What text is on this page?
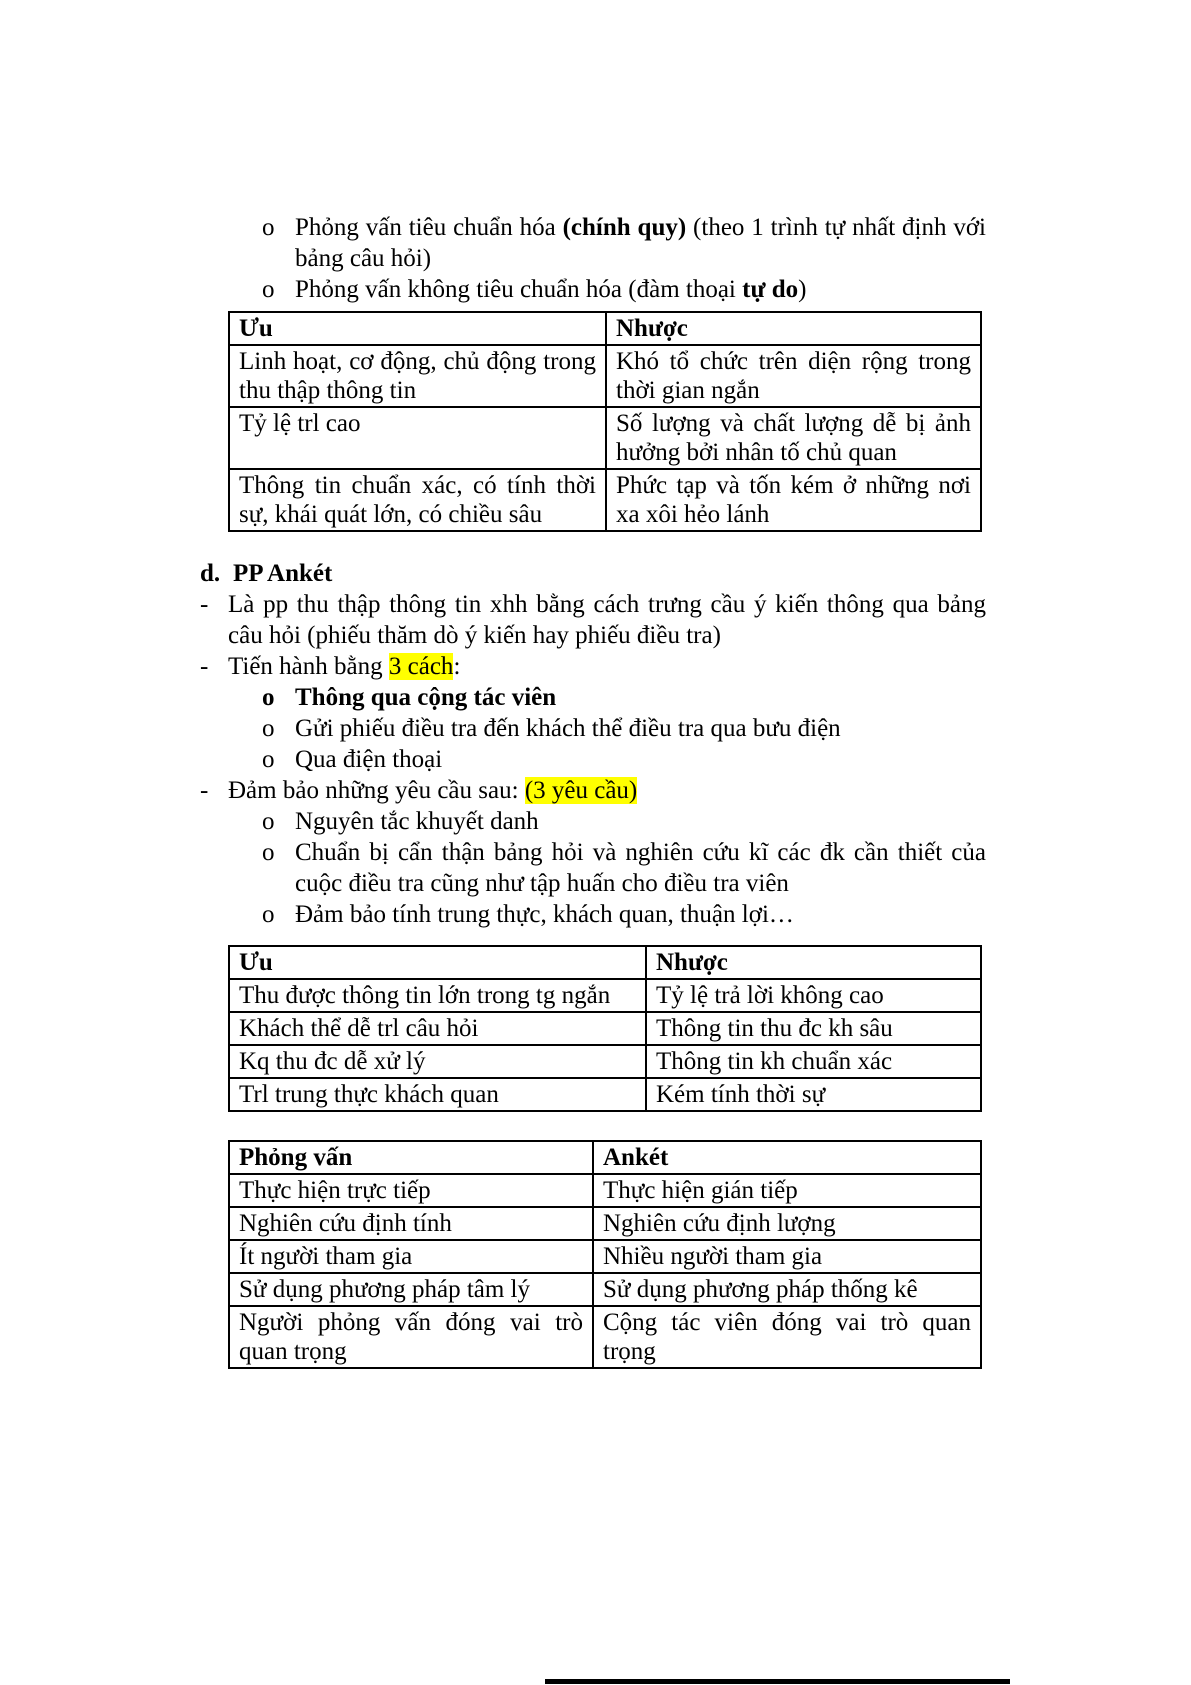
o Phỏng vấn tiêu chuẩn hóa (chính quy) (theo 1 trình tự nhất định với bảng câu hỏi)
o Phỏng vấn không tiêu chuẩn hóa (đàm thoại tự do)
Ưu	Nhược
Linh hoạt, cơ động, chủ động trong thu thập thông tin	Khó tổ chức trên diện rộng trong thời gian ngắn
Tỷ lệ trl cao	Số lượng và chất lượng dễ bị ảnh hưởng bởi nhân tố chủ quan
Thông tin chuẩn xác, có tính thời sự, khái quát lớn, có chiều sâu	Phức tạp và tốn kém ở những nơi xa xôi hẻo lánh
d. PP Ankét
- Là pp thu thập thông tin xhh bằng cách trưng cầu ý kiến thông qua bảng câu hỏi (phiếu thăm dò ý kiến hay phiếu điều tra)
- Tiến hành bằng 3 cách:
o Thông qua cộng tác viên
o Gửi phiếu điều tra đến khách thể điều tra qua bưu điện
o Qua điện thoại
- Đảm bảo những yêu cầu sau: (3 yêu cầu)
o Nguyên tắc khuyết danh
o Chuẩn bị cẩn thận bảng hỏi và nghiên cứu kĩ các đk cần thiết của cuộc điều tra cũng như tập huấn cho điều tra viên
o Đảm bảo tính trung thực, khách quan, thuận lợi…
Ưu	Nhược
Thu được thông tin lớn trong tg ngắn	Tỷ lệ trả lời không cao
Khách thể dễ trl câu hỏi	Thông tin thu đc kh sâu
Kq thu đc dễ xử lý	Thông tin kh chuẩn xác
Trl trung thực khách quan	Kém tính thời sự
Phỏng vấn	Ankét
Thực hiện trực tiếp	Thực hiện gián tiếp
Nghiên cứu định tính	Nghiên cứu định lượng
Ít người tham gia	Nhiều người tham gia
Sử dụng phương pháp tâm lý	Sử dụng phương pháp thống kê
Người phỏng vấn đóng vai trò quan trọng	Cộng tác viên đóng vai trò quan trọng
